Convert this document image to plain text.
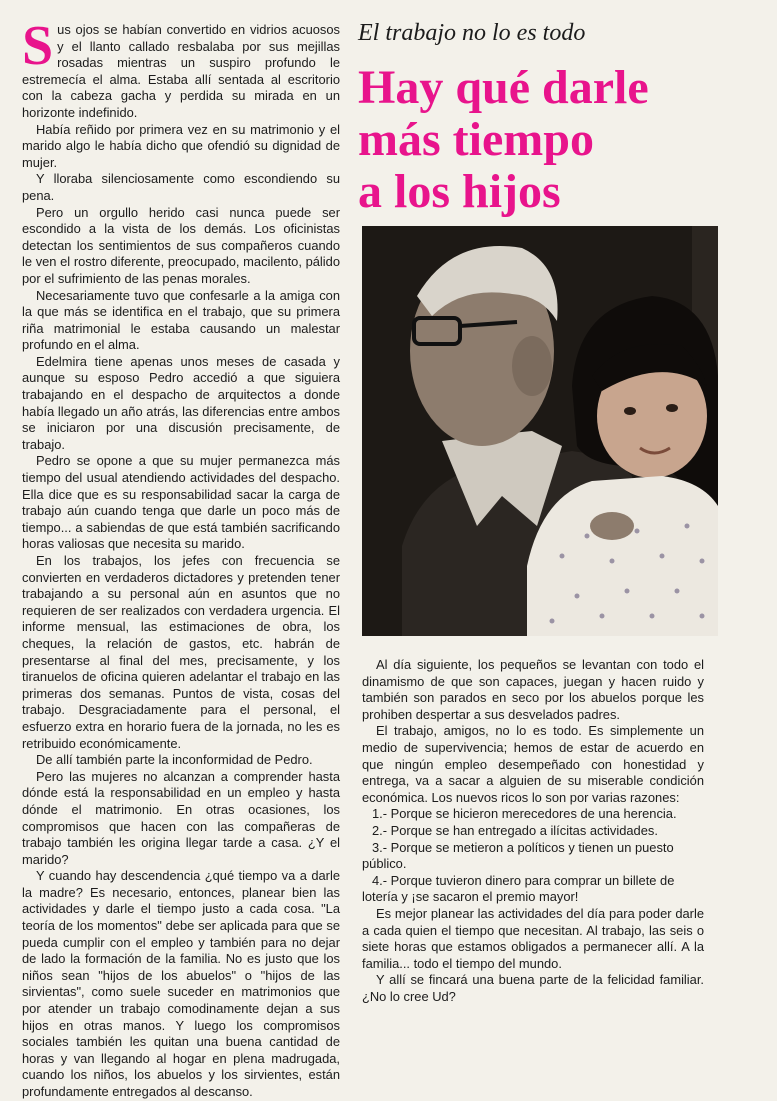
Sus ojos se habían convertido en vidrios acuosos y el llanto callado resbalaba por sus mejillas rosadas mientras un suspiro profundo le estremecía el alma. Estaba allí sentada al escritorio con la cabeza gacha y perdida su mirada en un horizonte indefinido.

Había reñido por primera vez en su matrimonio y el marido algo le había dicho que ofendió su dignidad de mujer.

Y lloraba silenciosamente como escondiendo su pena.

Pero un orgullo herido casi nunca puede ser escondido a la vista de los demás. Los oficinistas detectan los sentimientos de sus compañeros cuando le ven el rostro diferente, preocupado, macilento, pálido por el sufrimiento de las penas morales.

Necesariamente tuvo que confesarle a la amiga con la que más se identifica en el trabajo, que su primera riña matrimonial le estaba causando un malestar profundo en el alma.

Edelmira tiene apenas unos meses de casada y aunque su esposo Pedro accedió a que siguiera trabajando en el despacho de arquitectos a donde había llegado un año atrás, las diferencias entre ambos se iniciaron por una discusión precisamente, de trabajo.

Pedro se opone a que su mujer permanezca más tiempo del usual atendiendo actividades del despacho. Ella dice que es su responsabilidad sacar la carga de trabajo aún cuando tenga que darle un poco más de tiempo... a sabiendas de que está también sacrificando horas valiosas que necesita su marido.

En los trabajos, los jefes con frecuencia se convierten en verdaderos dictadores y pretenden tener trabajando a su personal aún en asuntos que no requieren de ser realizados con verdadera urgencia. El informe mensual, las estimaciones de obra, los cheques, la relación de gastos, etc. habrán de presentarse al final del mes, precisamente, y los tiranuelos de oficina quieren adelantar el trabajo en las primeras dos semanas. Puntos de vista, cosas del trabajo. Desgraciadamente para el personal, el esfuerzo extra en horario fuera de la jornada, no les es retribuido económicamente.

De allí también parte la inconformidad de Pedro.

Pero las mujeres no alcanzan a comprender hasta dónde está la responsabilidad en un empleo y hasta dónde el matrimonio. En otras ocasiones, los compromisos que hacen con las compañeras de trabajo también les origina llegar tarde a casa. ¿Y el marido?

Y cuando hay descendencia ¿qué tiempo va a darle la madre? Es necesario, entonces, planear bien las actividades y darle el tiempo justo a cada cosa. "La teoría de los momentos" debe ser aplicada para que se pueda cumplir con el empleo y también para no dejar de lado la formación de la familia. No es justo que los niños sean "hijos de los abuelos" o "hijos de las sirvientas", como suele suceder en matrimonios que por atender un trabajo comodinamente dejan a sus hijos en otras manos. Y luego los compromisos sociales también les quitan una buena cantidad de horas y van llegando al hogar en plena madrugada, cuando los niños, los abuelos y los sirvientes, están profundamente entregados al descanso.

El trabajo no lo es todo
Hay qué darle
más tiempo
a los hijos

Al día siguiente, los pequeños se levantan con todo el dinamismo de que son capaces, juegan y hacen ruido y también son parados en seco por los abuelos porque les prohiben despertar a sus desvelados padres.

El trabajo, amigos, no lo es todo. Es simplemente un medio de supervivencia; hemos de estar de acuerdo en que ningún empleo desempeñado con honestidad y entrega, va a sacar a alguien de su miserable condición económica. Los nuevos ricos lo son por varias razones:

1.- Porque se hicieron merecedores de una herencia.

2.- Porque se han entregado a ilícitas actividades.

3.- Porque se metieron a políticos y tienen un puesto público.

4.- Porque tuvieron dinero para comprar un billete de lotería y ¡se sacaron el premio mayor!

Es mejor planear las actividades del día para poder darle a cada quien el tiempo que necesitan. Al trabajo, las seis o siete horas que estamos obligados a permanecer allí. A la familia... todo el tiempo del mundo.

Y allí se fincará una buena parte de la felicidad familiar. ¿No lo cree Ud?
